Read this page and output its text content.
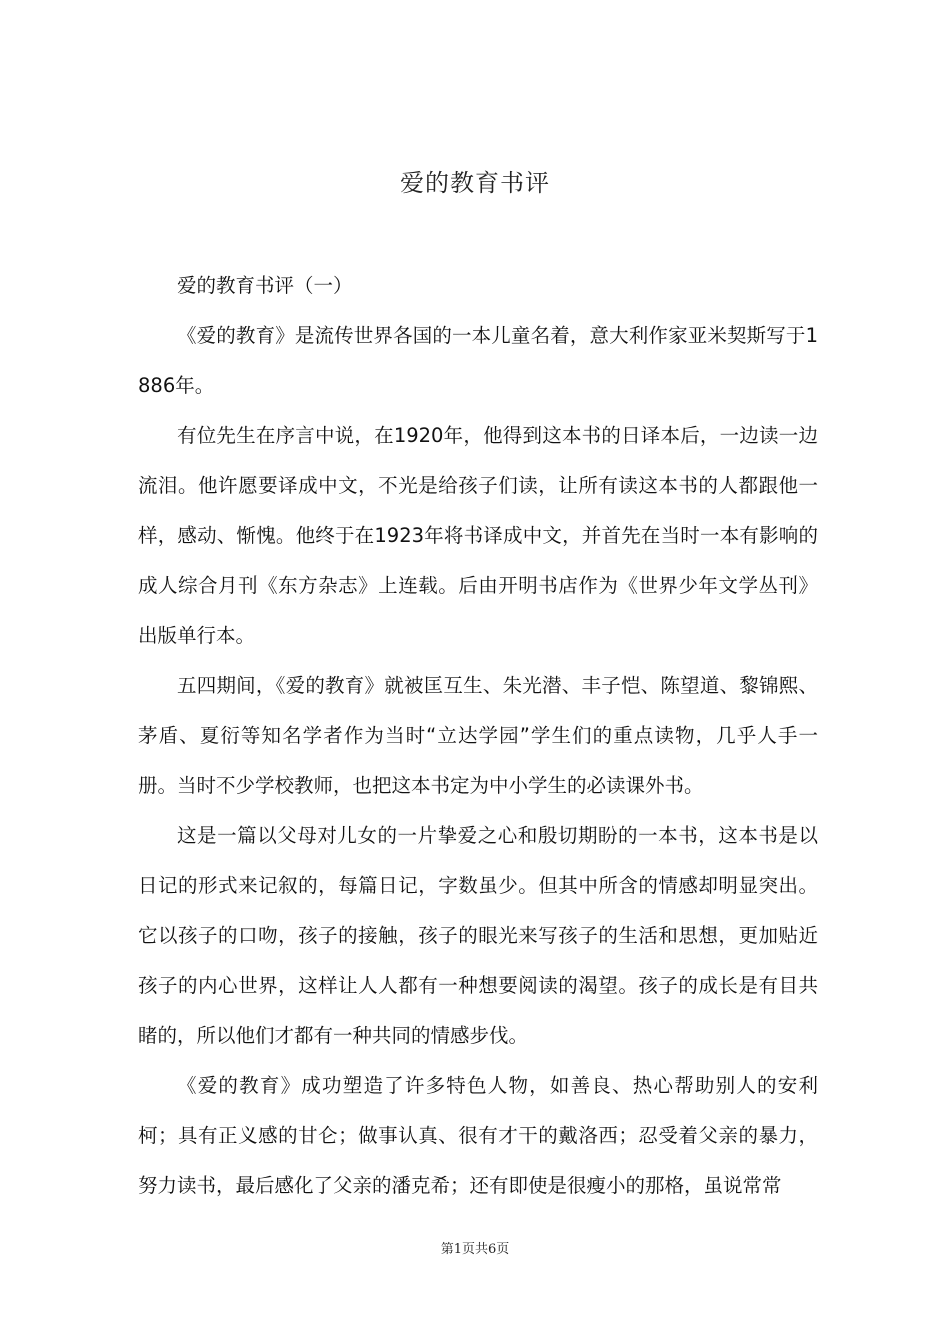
爱的教育书评

爱的教育书评（一）

《爱的教育》是流传世界各国的一本儿童名着，意大利作家亚米契斯写于1886年。

有位先生在序言中说，在1920年，他得到这本书的日译本后，一边读一边流泪。他许愿要译成中文，不光是给孩子们读，让所有读这本书的人都跟他一样，感动、惭愧。他终于在1923年将书译成中文，并首先在当时一本有影响的成人综合月刊《东方杂志》上连载。后由开明书店作为《世界少年文学丛刊》出版单行本。

五四期间，《爱的教育》就被匡互生、朱光潜、丰子恺、陈望道、黎锦熙、茅盾、夏衍等知名学者作为当时“立达学园”学生们的重点读物，几乎人手一册。当时不少学校教师，也把这本书定为中小学生的必读课外书。

这是一篇以父母对儿女的一片挚爱之心和殷切期盼的一本书，这本书是以日记的形式来记叙的，每篇日记，字数虽少。但其中所含的情感却明显突出。它以孩子的口吻，孩子的接触，孩子的眼光来写孩子的生活和思想，更加贴近孩子的内心世界，这样让人人都有一种想要阅读的渴望。孩子的成长是有目共睹的，所以他们才都有一种共同的情感步伐。

《爱的教育》成功塑造了许多特色人物，如善良、热心帮助别人的安利柯；具有正义感的甘仑；做事认真、很有才干的戴洛西；忍受着父亲的暴力，努力读书，最后感化了父亲的潘克希；还有即使是很瘦小的那格，虽说常常

第1页共6页
